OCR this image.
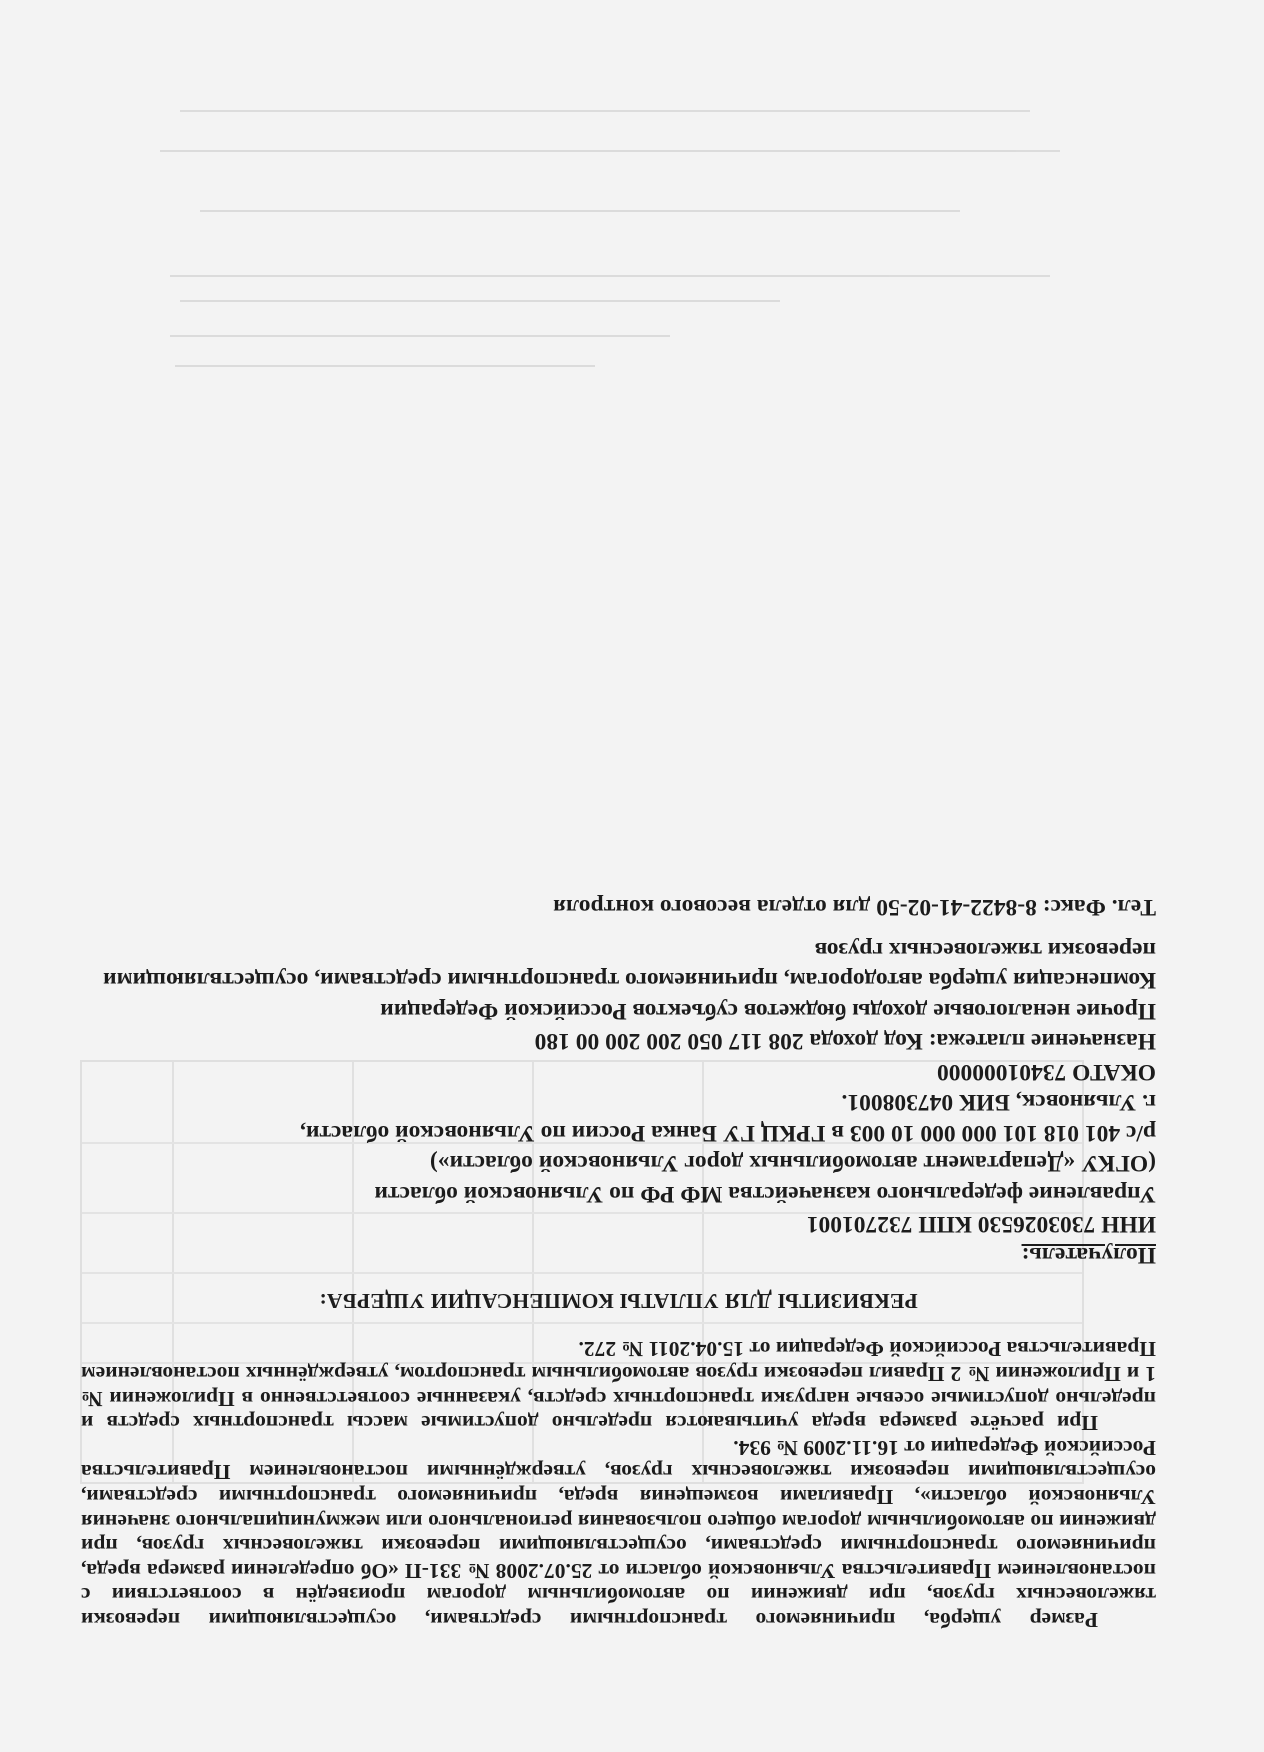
Размер ущерба, причиняемого транспортными средствами, осуществляющими перевозки тяжеловесных грузов, при движении по автомобильным дорогам произведён в соответствии с постановлением Правительства Ульяновской области от 25.07.2008 № 331-П «Об определении размера вреда, причиняемого транспортными средствами, осуществляющими перевозки тяжеловесных грузов, при движении по автомобильным дорогам общего пользования регионального или межмуниципального значения Ульяновской области», Правилами возмещения вреда, причиняемого транспортными средствами, осуществляющими перевозки тяжеловесных грузов, утверждёнными постановлением Правительства Российской Федерации от 16.11.2009 № 934.

При расчёте размера вреда учитываются предельно допустимые массы транспортных средств и предельно допустимые осевые нагрузки транспортных средств, указанные соответственно в Приложении № 1 и Приложении № 2 Правил перевозки грузов автомобильным транспортом, утверждённых постановлением Правительства Российской Федерации от 15.04.2011 № 272.

РЕКВИЗИТЫ ДЛЯ УПЛАТЫ КОМПЕНСАЦИИ УЩЕРБА:
Получатель:
ИНН 7303026530 КПП 732701001
Управление федерального казначейства МФ РФ по Ульяновской области
(ОГКУ «Департамент автомобильных дорог Ульяновской области»)
р/с 401 018 101 000 000 10 003 в ГРКЦ ГУ Банка России по Ульяновской области,
г. Ульяновск, БИК 047308001.
ОКАТО 73401000000
Назначение платежа: Код дохода 208 117 050 200 200 00 180
Прочие неналоговые доходы бюджетов субъектов Российской Федерации
Компенсация ущерба автодорогам, причиняемого транспортными средствами, осуществляющими перевозки тяжеловесных грузов
Тел. Факс: 8-8422-41-02-50 для отдела весового контроля
